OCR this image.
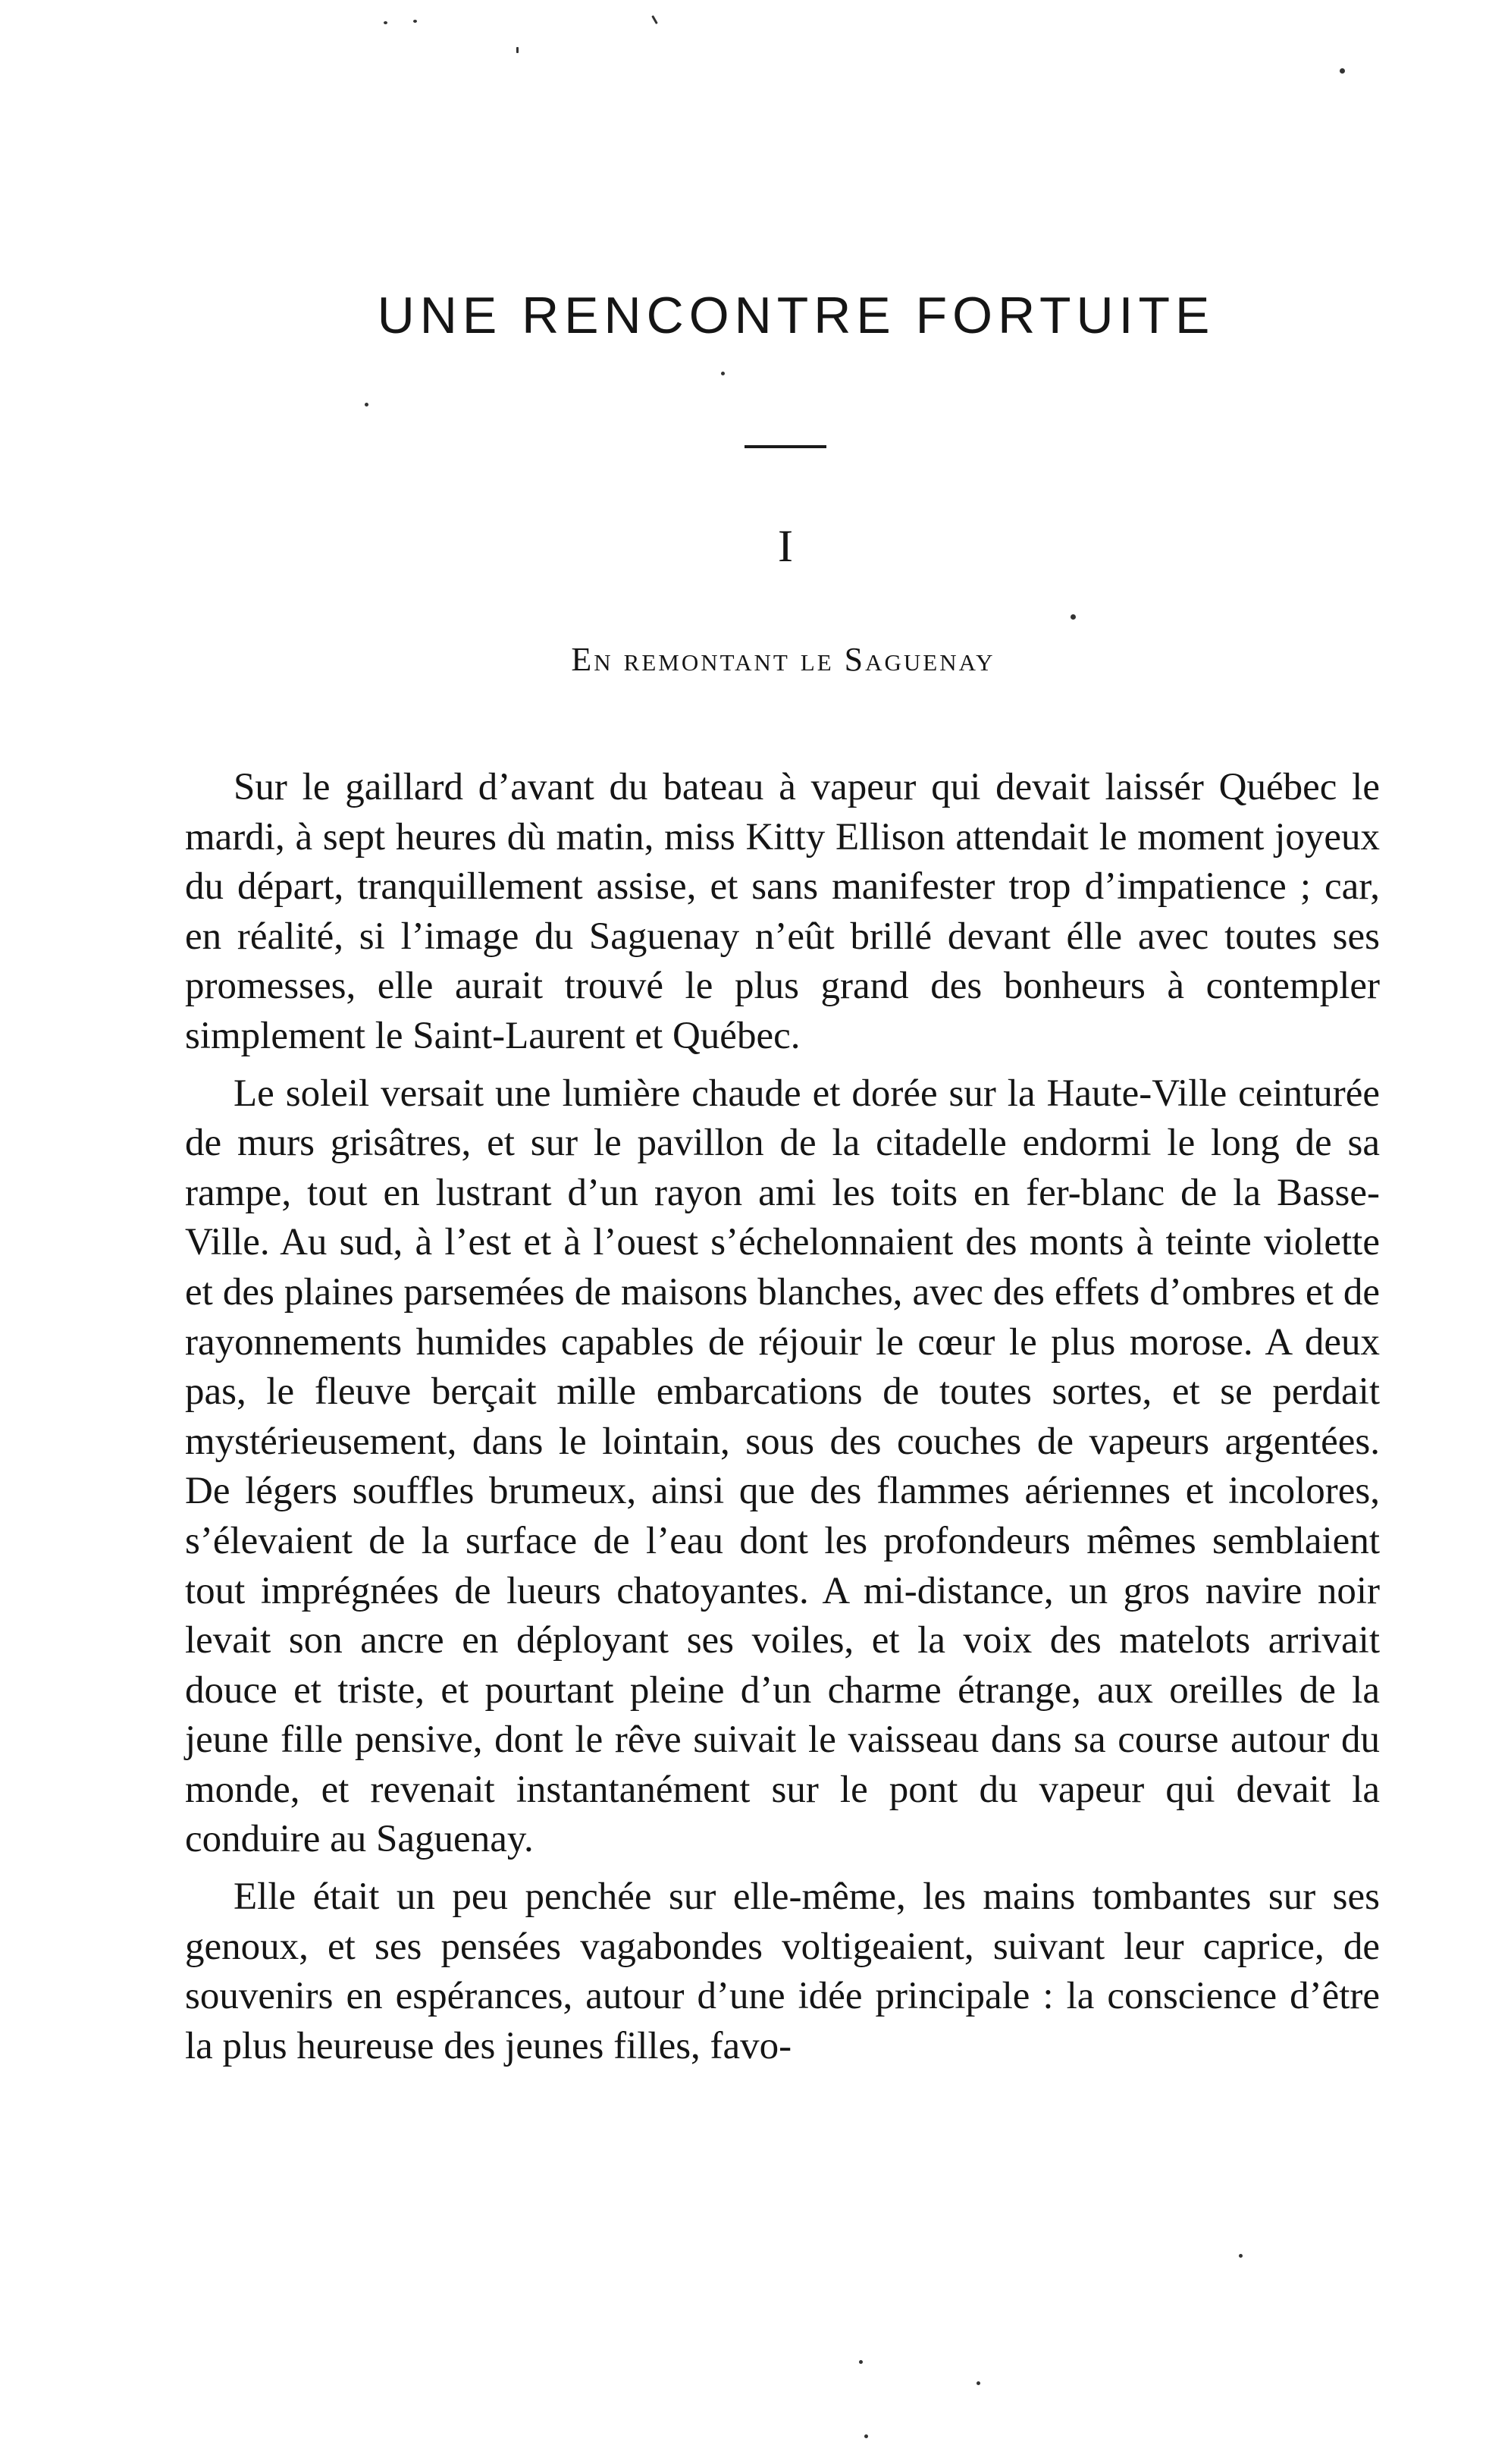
UNE RENCONTRE FORTUITE
I
En remontant le Saguenay

Sur le gaillard d’avant du bateau à vapeur qui devait laissér Québec le mardi, à sept heures dù matin, miss Kitty Ellison attendait le moment joyeux du départ, tranquillement assise, et sans manifester trop d’impatience ; car, en réalité, si l’image du Saguenay n’eût brillé devant élle avec toutes ses promesses, elle aurait trouvé le plus grand des bonheurs à contempler simplement le Saint-Laurent et Québec.

Le soleil versait une lumière chaude et dorée sur la Haute-Ville ceinturée de murs grisâtres, et sur le pavillon de la citadelle endormi le long de sa rampe, tout en lustrant d’un rayon ami les toits en fer-blanc de la Basse-Ville. Au sud, à l’est et à l’ouest s’échelonnaient des monts à teinte violette et des plaines parsemées de maisons blanches, avec des effets d’ombres et de rayonnements humides capables de réjouir le cœur le plus morose. A deux pas, le fleuve berçait mille embarcations de toutes sortes, et se perdait mystérieusement, dans le lointain, sous des couches de vapeurs argentées. De légers souffles brumeux, ainsi que des flammes aériennes et incolores, s’élevaient de la surface de l’eau dont les profondeurs mêmes semblaient tout imprégnées de lueurs chatoyantes. A mi-distance, un gros navire noir levait son ancre en déployant ses voiles, et la voix des matelots arrivait douce et triste, et pourtant pleine d’un charme étrange, aux oreilles de la jeune fille pensive, dont le rêve suivait le vaisseau dans sa course autour du monde, et revenait instantanément sur le pont du vapeur qui devait la conduire au Saguenay.

Elle était un peu penchée sur elle-même, les mains tombantes sur ses genoux, et ses pensées vagabondes voltigeaient, suivant leur caprice, de souvenirs en espérances, autour d’une idée principale : la conscience d’être la plus heureuse des jeunes filles, favo-
